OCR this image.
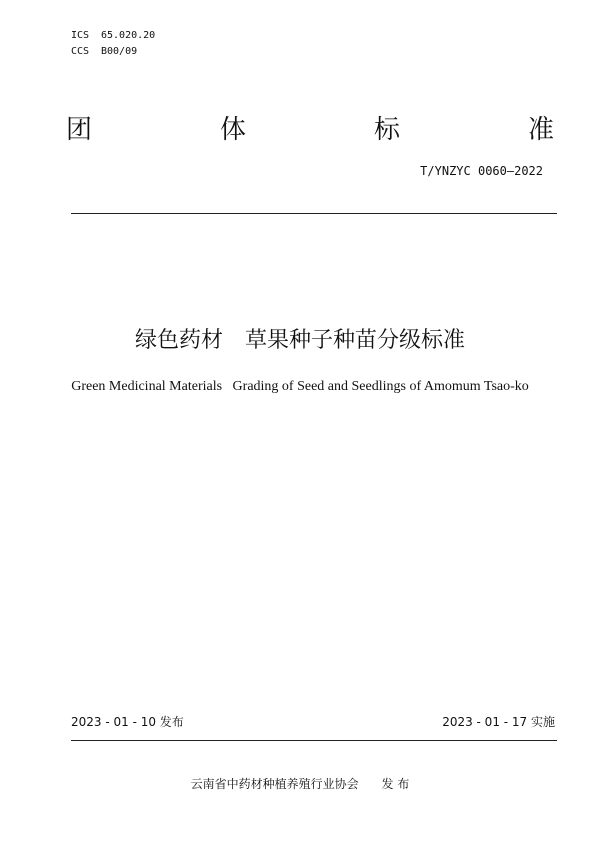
ICS	65.020.20
CCS	B00/09
团	体	标	准
T/YNZYC 0060—2022
绿色药材　草果种子种苗分级标准
Green Medicinal Materials   Grading of Seed and Seedlings of Amomum Tsao-ko
2023 - 01 - 10 发布	2023 - 01 - 17 实施
云南省中药材种植养殖行业协会      发 布
